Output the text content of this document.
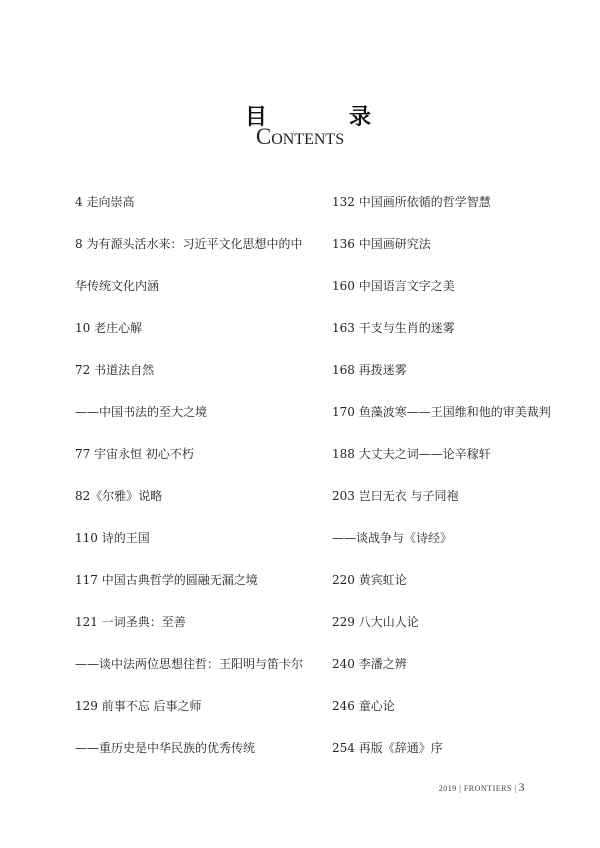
目	录
Contents
4 走向崇高
8 为有源头活水来：习近平文化思想中的中
华传统文化内涵
10 老庄心解
72 书道法自然
——中国书法的至大之境
77 宇宙永恒 初心不朽
82《尔雅》说略
110 诗的王国
117 中国古典哲学的圆融无漏之境
121 一词圣典：至善
——谈中法两位思想往哲：王阳明与笛卡尔
129 前事不忘 后事之师
——重历史是中华民族的优秀传统
132 中国画所依循的哲学智慧
136 中国画研究法
160 中国语言文字之美
163 干支与生肖的迷雾
168 再拨迷雾
170 鱼藻波寒——王国维和他的审美裁判
188 大丈夫之词——论辛稼轩
203 岂曰无衣 与子同袍
——谈战争与《诗经》
220 黄宾虹论
229 八大山人论
240 李潘之辨
246 童心论
254 再版《辞通》序
2019 | FRONTIERS | 3
